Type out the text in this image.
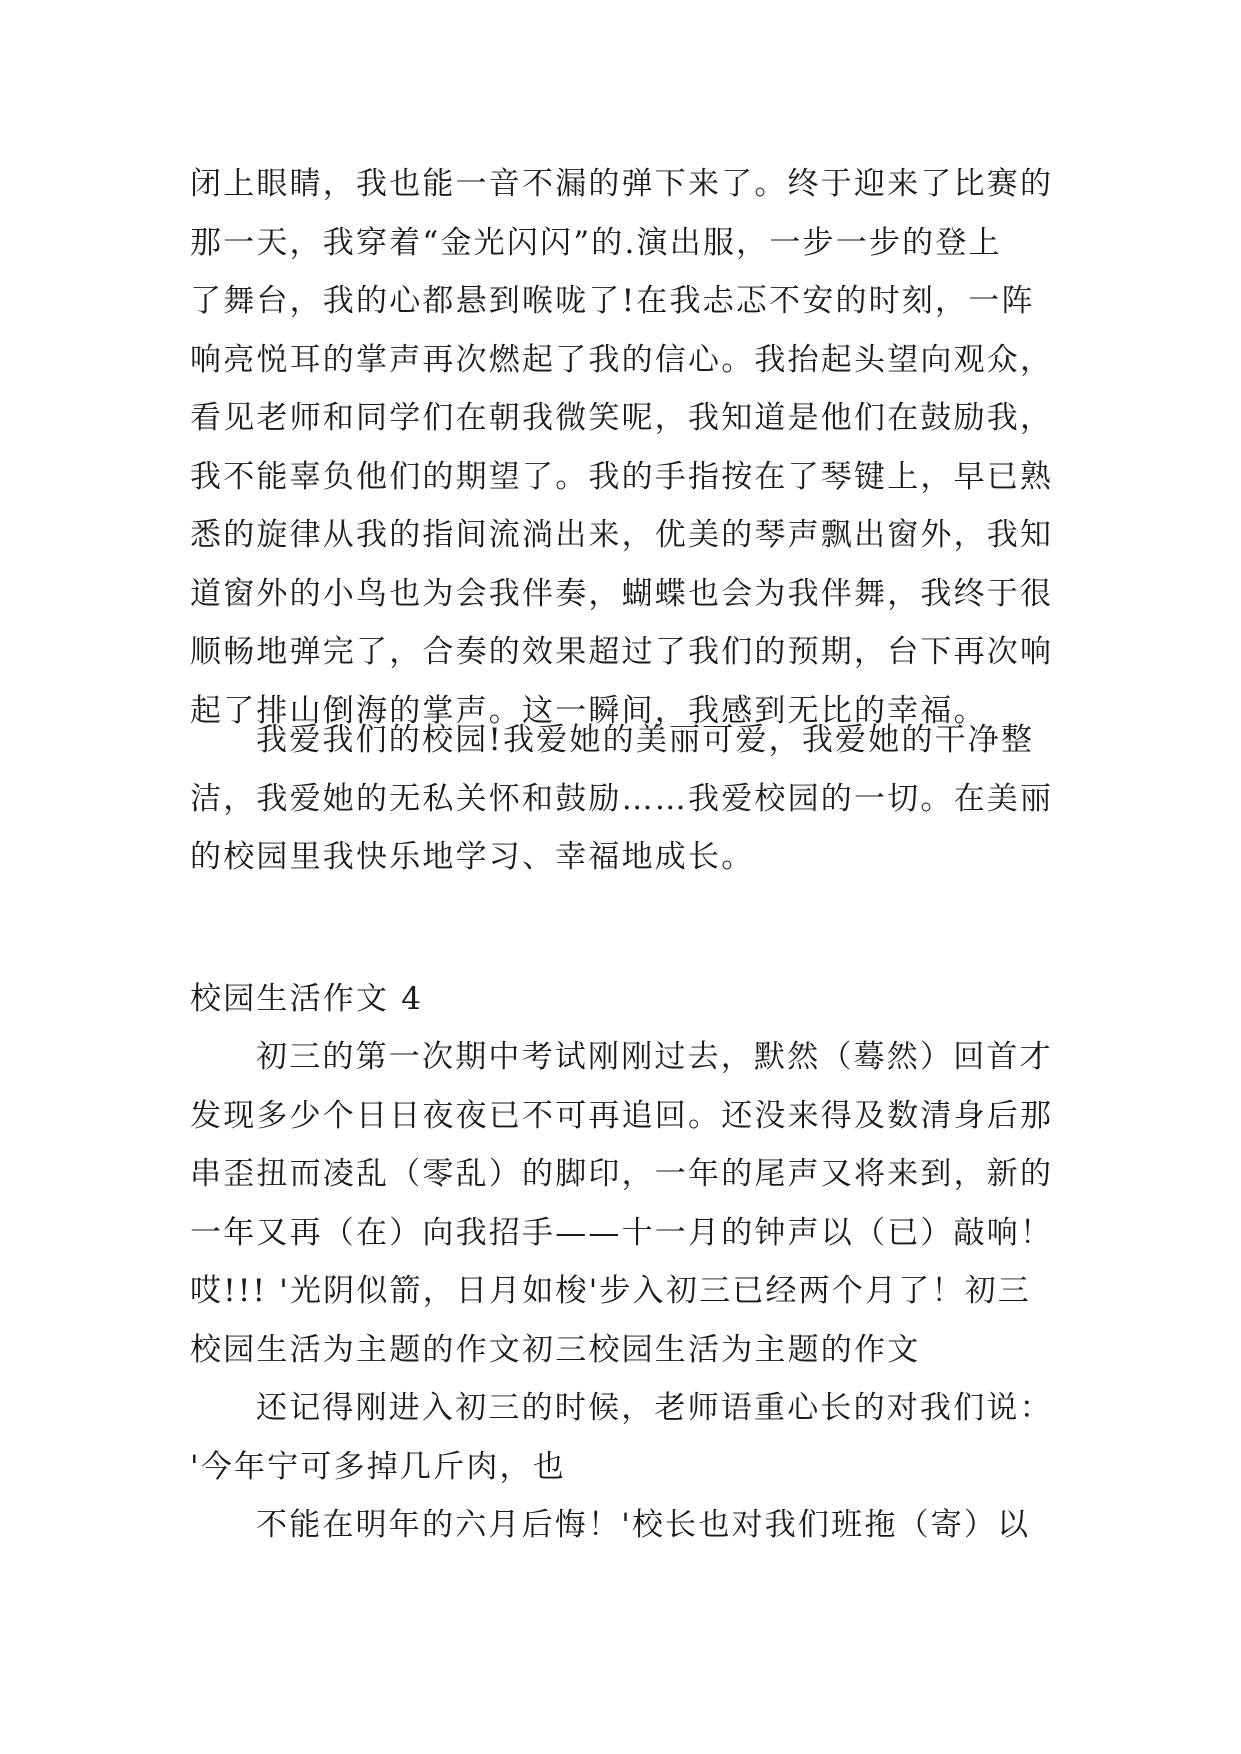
闭上眼睛，我也能一音不漏的弹下来了。终于迎来了比赛的
那一天，我穿着“金光闪闪”的.演出服，一步一步的登上
了舞台，我的心都悬到喉咙了!在我忐忑不安的时刻，一阵
响亮悦耳的掌声再次燃起了我的信心。我抬起头望向观众，
看见老师和同学们在朝我微笑呢，我知道是他们在鼓励我，
我不能辜负他们的期望了。我的手指按在了琴键上，早已熟
悉的旋律从我的指间流淌出来，优美的琴声飘出窗外，我知
道窗外的小鸟也为会我伴奏，蝴蝶也会为我伴舞，我终于很
顺畅地弹完了，合奏的效果超过了我们的预期，台下再次响
起了排山倒海的掌声。这一瞬间，我感到无比的幸福。
我爱我们的校园!我爱她的美丽可爱，我爱她的干净整
洁，我爱她的无私关怀和鼓励……我爱校园的一切。在美丽
的校园里我快乐地学习、幸福地成长。
校园生活作文 4
初三的第一次期中考试刚刚过去，默然（蓦然）回首才
发现多少个日日夜夜已不可再追回。还没来得及数清身后那
串歪扭而凌乱（零乱）的脚印，一年的尾声又将来到，新的
一年又再（在）向我招手——十一月的钟声以（已）敲响！
哎!!! '光阴似箭，日月如梭'步入初三已经两个月了！初三
校园生活为主题的作文初三校园生活为主题的作文
还记得刚进入初三的时候，老师语重心长的对我们说：
'今年宁可多掉几斤肉，也
不能在明年的六月后悔！'校长也对我们班拖（寄）以
